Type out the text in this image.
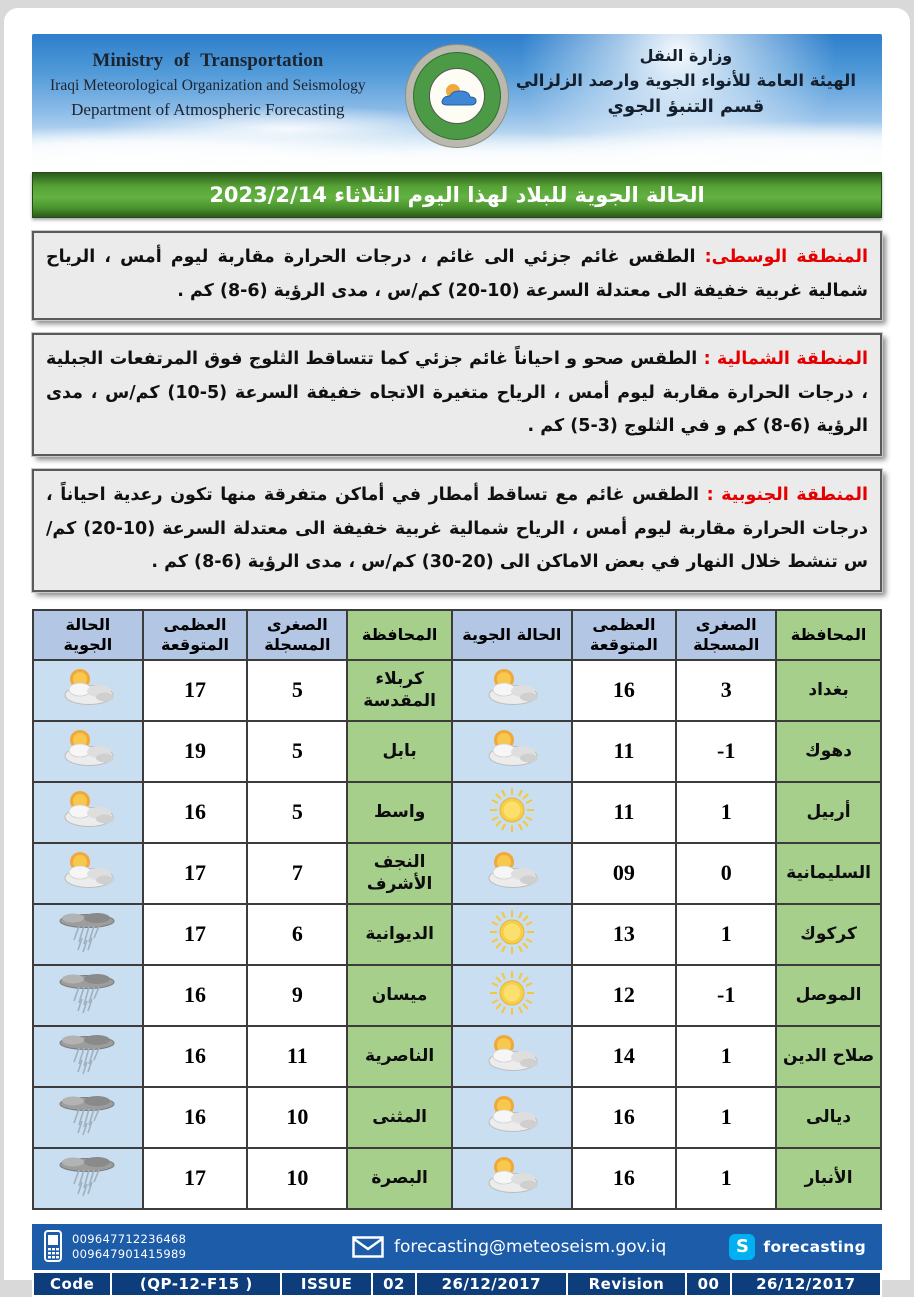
Ministry of Transportation
Iraqi Meteorological Organization and Seismology
Department of Atmospheric Forecasting
وزارة النقل
الهيئة العامة للأنواء الجوية وارصد الزلزالي
قسم التنبؤ الجوي
الحالة الجوية للبلاد لهذا اليوم الثلاثاء 2023/2/14
المنطقة الوسطى: الطقس غائم جزئي الى غائم ، درجات الحرارة مقاربة ليوم أمس ، الرياح شمالية غربية خفيفة الى معتدلة السرعة (10-20) كم/س ، مدى الرؤية (6-8) كم .
المنطقة الشمالية : الطقس صحو و احياناً غائم جزئي كما تتساقط الثلوج فوق المرتفعات الجبلية ، درجات الحرارة مقاربة ليوم أمس ، الرياح متغيرة الاتجاه خفيفة السرعة (5-10) كم/س ، مدى الرؤية (6-8) كم و في الثلوج (3-5) كم .
المنطقة الجنوبية : الطقس غائم مع تساقط أمطار في أماكن متفرقة منها تكون رعدية احياناً ، درجات الحرارة مقاربة ليوم أمس ، الرياح شمالية غربية خفيفة الى معتدلة السرعة (10-20) كم/س تنشط خلال النهار في بعض الاماكن الى (20-30) كم/س ، مدى الرؤية (6-8) كم .
المحافظة	الصغرى المسجلة	العظمى المتوقعة	الحالة الجوية	المحافظة	الصغرى المسجلة	العظمى المتوقعة	الحالة الجوية
بغداد	3	16		كربلاء المقدسة	5	17	
دهوك	-1	11		بابل	5	19	
أربيل	1	11		واسط	5	16	
السليمانية	0	09		النجف الأشرف	7	17	
كركوك	1	13		الديوانية	6	17	
الموصل	-1	12		ميسان	9	16	
صلاح الدين	1	14		الناصرية	11	16	
ديالى	1	16		المثنى	10	16	
الأنبار	1	16		البصرة	10	17	
009647712236468
009647901415989	forecasting@meteoseism.gov.iq	S forecasting
Code	(QP-12-F15 )	ISSUE	02	26/12/2017	Revision	00	26/12/2017
